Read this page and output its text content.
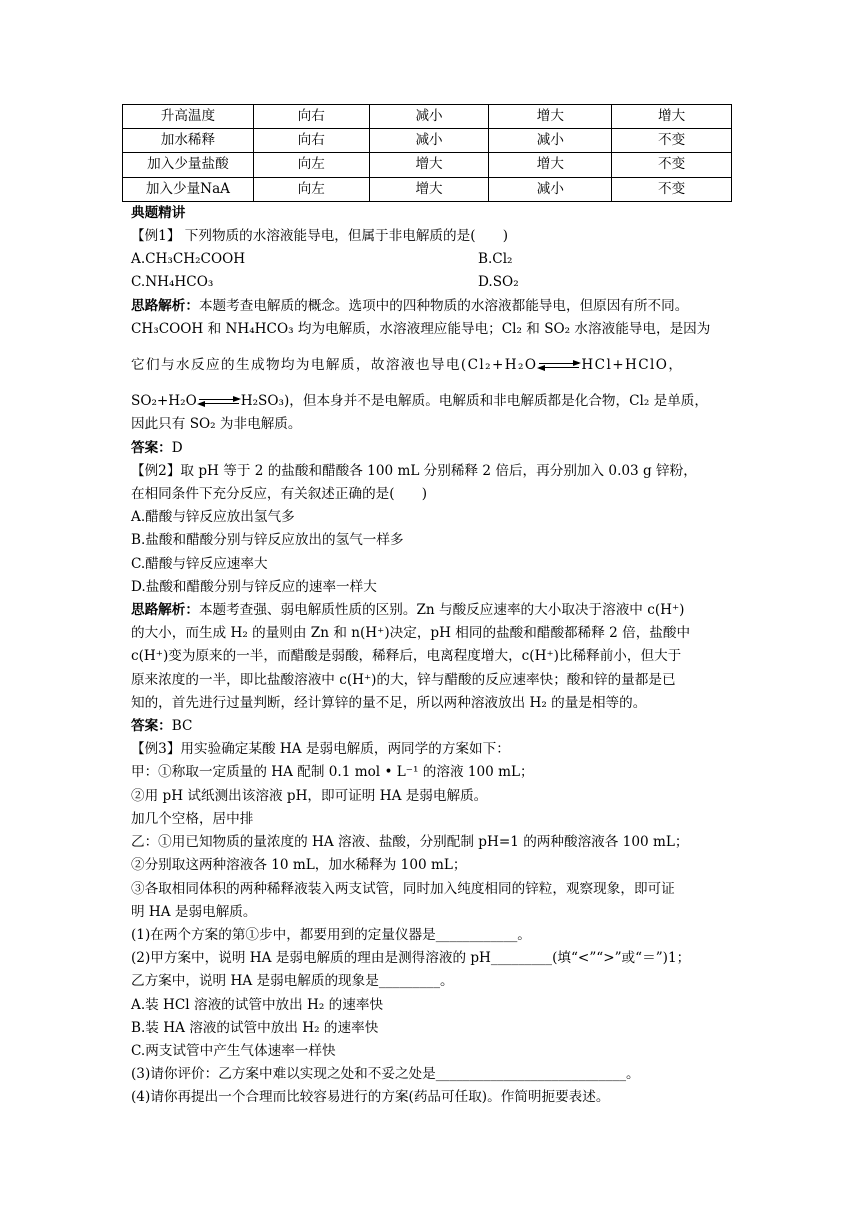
升高温度	向右	减小	增大	增大
加水稀释	向右	减小	减小	不变
加入少量盐酸	向左	增大	增大	不变
加入少量NaA	向左	增大	减小	不变

典题精讲

【例1】 下列物质的水溶液能导电，但属于非电解质的是(　　)

A.CH₃CH₂COOH	B.Cl₂
C.NH₄HCO₃	D.SO₂

思路解析：本题考查电解质的概念。选项中的四种物质的水溶液都能导电，但原因有所不同。

CH₃COOH 和 NH₄HCO₃ 均为电解质，水溶液理应能导电；Cl₂ 和 SO₂ 水溶液能导电，是因为

它们与水反应的生成物均为电解质，故溶液也导电(Cl₂+H₂O	HCl+HClO，

SO₂+H₂O	H₂SO₃)，但本身并不是电解质。电解质和非电解质都是化合物，Cl₂ 是单质，

因此只有 SO₂ 为非电解质。

答案：D

【例2】取 pH 等于 2 的盐酸和醋酸各 100 mL 分别稀释 2 倍后，再分别加入 0.03 g 锌粉，

在相同条件下充分反应，有关叙述正确的是(　　)

A.醋酸与锌反应放出氢气多

B.盐酸和醋酸分别与锌反应放出的氢气一样多

C.醋酸与锌反应速率大

D.盐酸和醋酸分别与锌反应的速率一样大

思路解析：本题考查强、弱电解质性质的区别。Zn 与酸反应速率的大小取决于溶液中 c(H⁺)

的大小，而生成 H₂ 的量则由 Zn 和 n(H⁺)决定，pH 相同的盐酸和醋酸都稀释 2 倍，盐酸中

c(H⁺)变为原来的一半，而醋酸是弱酸，稀释后，电离程度增大，c(H⁺)比稀释前小，但大于

原来浓度的一半，即比盐酸溶液中 c(H⁺)的大，锌与醋酸的反应速率快；酸和锌的量都是已

知的，首先进行过量判断，经计算锌的量不足，所以两种溶液放出 H₂ 的量是相等的。

答案：BC

【例3】用实验确定某酸 HA 是弱电解质，两同学的方案如下：

甲：①称取一定质量的 HA 配制 0.1 mol • L⁻¹ 的溶液 100 mL；

②用 pH 试纸测出该溶液 pH，即可证明 HA 是弱电解质。

加几个空格，居中排

乙：①用已知物质的量浓度的 HA 溶液、盐酸，分别配制 pH=1 的两种酸溶液各 100 mL；

②分别取这两种溶液各 10 mL，加水稀释为 100 mL；

③各取相同体积的两种稀释液装入两支试管，同时加入纯度相同的锌粒，观察现象，即可证

明 HA 是弱电解质。

(1)在两个方案的第①步中，都要用到的定量仪器是____________。

(2)甲方案中，说明 HA 是弱电解质的理由是测得溶液的 pH_________(填“<”“>”或“＝”)1；

乙方案中，说明 HA 是弱电解质的现象是_________。

A.装 HCl 溶液的试管中放出 H₂ 的速率快

B.装 HA 溶液的试管中放出 H₂ 的速率快

C.两支试管中产生气体速率一样快

(3)请你评价：乙方案中难以实现之处和不妥之处是____________________________。

(4)请你再提出一个合理而比较容易进行的方案(药品可任取)。作简明扼要表述。
